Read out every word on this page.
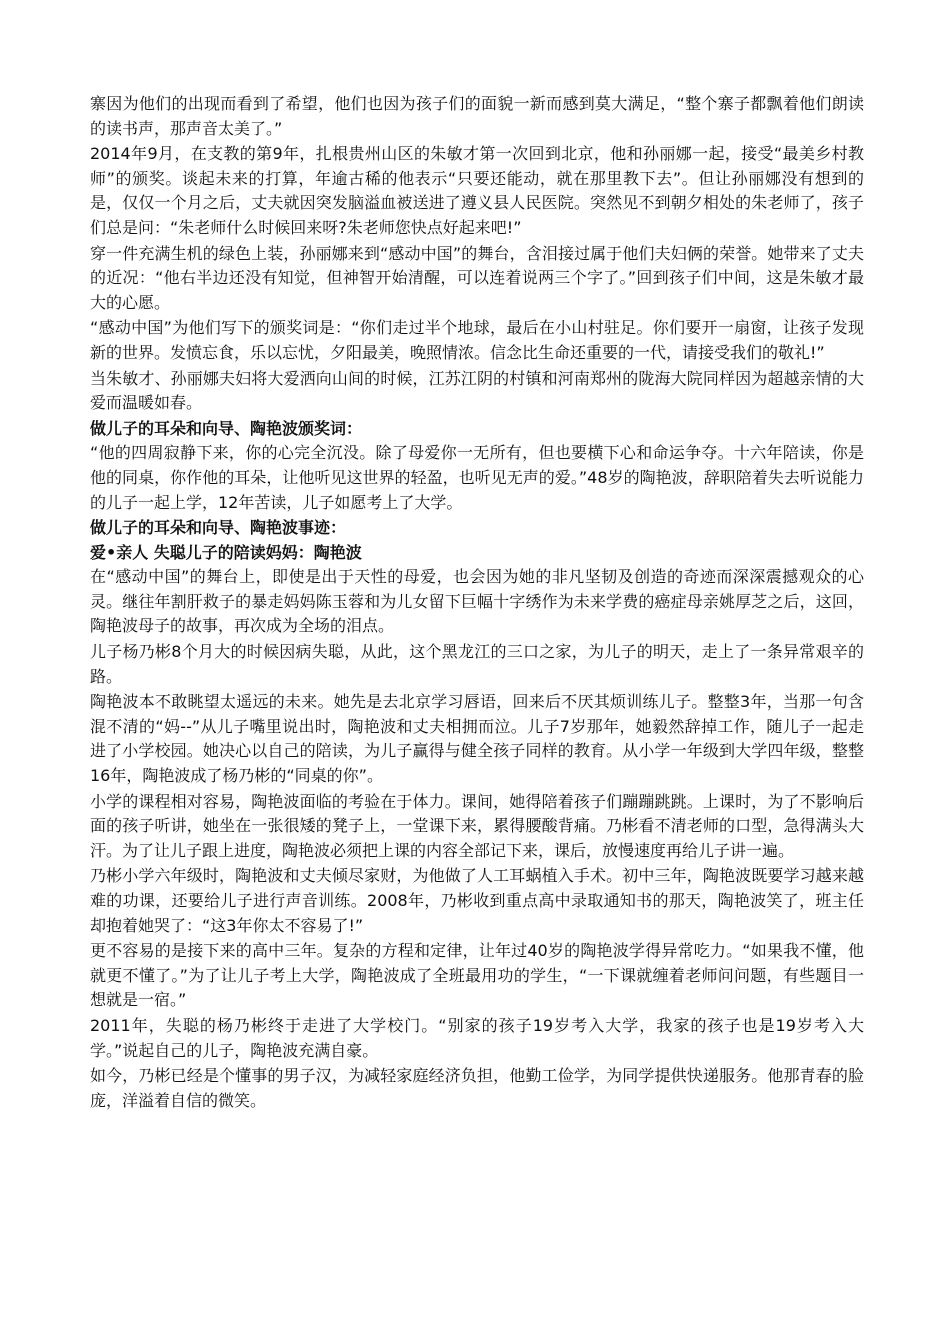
寨因为他们的出现而看到了希望，他们也因为孩子们的面貌一新而感到莫大满足，“整个寨子都飘着他们朗读的读书声，那声音太美了。”

2014年9月，在支教的第9年，扎根贵州山区的朱敏才第一次回到北京，他和孙丽娜一起，接受“最美乡村教师”的颁奖。谈起未来的打算，年逾古稀的他表示“只要还能动，就在那里教下去”。但让孙丽娜没有想到的是，仅仅一个月之后，丈夫就因突发脑溢血被送进了遵义县人民医院。突然见不到朝夕相处的朱老师了，孩子们总是问：“朱老师什么时候回来呀?朱老师您快点好起来吧!”

穿一件充满生机的绿色上装，孙丽娜来到“感动中国”的舞台，含泪接过属于他们夫妇俩的荣誉。她带来了丈夫的近况：“他右半边还没有知觉，但神智开始清醒，可以连着说两三个字了。”回到孩子们中间，这是朱敏才最大的心愿。

“感动中国”为他们写下的颁奖词是：“你们走过半个地球，最后在小山村驻足。你们要开一扇窗，让孩子发现新的世界。发愤忘食，乐以忘忧，夕阳最美，晚照情浓。信念比生命还重要的一代，请接受我们的敬礼!”

当朱敏才、孙丽娜夫妇将大爱洒向山间的时候，江苏江阴的村镇和河南郑州的陇海大院同样因为超越亲情的大爱而温暖如春。

做儿子的耳朵和向导、陶艳波颁奖词：

“他的四周寂静下来，你的心完全沉没。除了母爱你一无所有，但也要横下心和命运争夺。十六年陪读，你是他的同桌，你作他的耳朵，让他听见这世界的轻盈，也听见无声的爱。”48岁的陶艳波，辞职陪着失去听说能力的儿子一起上学，12年苦读，儿子如愿考上了大学。

做儿子的耳朵和向导、陶艳波事迹：

爱•亲人 失聪儿子的陪读妈妈：陶艳波

在“感动中国”的舞台上，即使是出于天性的母爱，也会因为她的非凡坚韧及创造的奇迹而深深震撼观众的心灵。继往年割肝救子的暴走妈妈陈玉蓉和为儿女留下巨幅十字绣作为未来学费的癌症母亲姚厚芝之后，这回，陶艳波母子的故事，再次成为全场的泪点。

儿子杨乃彬8个月大的时候因病失聪，从此，这个黑龙江的三口之家，为儿子的明天，走上了一条异常艰辛的路。

陶艳波本不敢眺望太遥远的未来。她先是去北京学习唇语，回来后不厌其烦训练儿子。整整3年，当那一句含混不清的“妈--”从儿子嘴里说出时，陶艳波和丈夫相拥而泣。儿子7岁那年，她毅然辞掉工作，随儿子一起走进了小学校园。她决心以自己的陪读，为儿子赢得与健全孩子同样的教育。从小学一年级到大学四年级，整整16年，陶艳波成了杨乃彬的“同桌的你”。

小学的课程相对容易，陶艳波面临的考验在于体力。课间，她得陪着孩子们蹦蹦跳跳。上课时，为了不影响后面的孩子听讲，她坐在一张很矮的凳子上，一堂课下来，累得腰酸背痛。乃彬看不清老师的口型，急得满头大汗。为了让儿子跟上进度，陶艳波必须把上课的内容全部记下来，课后，放慢速度再给儿子讲一遍。

乃彬小学六年级时，陶艳波和丈夫倾尽家财，为他做了人工耳蜗植入手术。初中三年，陶艳波既要学习越来越难的功课，还要给儿子进行声音训练。2008年，乃彬收到重点高中录取通知书的那天，陶艳波笑了，班主任却抱着她哭了：“这3年你太不容易了!”

更不容易的是接下来的高中三年。复杂的方程和定律，让年过40岁的陶艳波学得异常吃力。“如果我不懂，他就更不懂了。”为了让儿子考上大学，陶艳波成了全班最用功的学生，“一下课就缠着老师问问题，有些题目一想就是一宿。”

2011年，失聪的杨乃彬终于走进了大学校门。“别家的孩子19岁考入大学，我家的孩子也是19岁考入大学。”说起自己的儿子，陶艳波充满自豪。

如今，乃彬已经是个懂事的男子汉，为减轻家庭经济负担，他勤工俭学，为同学提供快递服务。他那青春的脸庞，洋溢着自信的微笑。
